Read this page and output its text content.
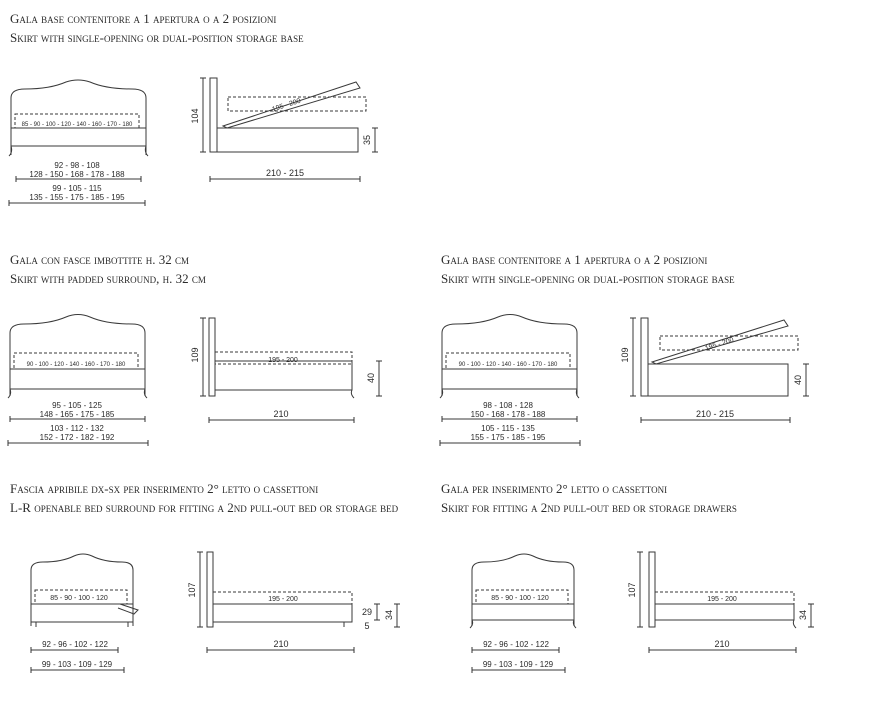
Gala base contenitore a 1 apertura o a 2 posizioni
Skirt with single-opening or dual-position storage base
Gala con fasce imbottite h. 32 cm
Skirt with padded surround, h. 32 cm
Gala base contenitore a 1 apertura o a 2 posizioni
Skirt with single-opening or dual-position storage base
Fascia apribile dx-sx per inserimento 2° letto o cassettoni
L-R openable bed surround for fitting a 2nd pull-out bed or storage bed
Gala per inserimento 2° letto o cassettoni
Skirt for fitting a 2nd pull-out bed or storage drawers
85 - 90 - 100 - 120 - 140 - 160 - 170 - 180
92 - 98 - 108
128 - 150 - 168 - 178 - 188
99 - 105 - 115
135 - 155 - 175 - 185 - 195
195 - 200
104
35
210 - 215
90 - 100 - 120 - 140 - 160 - 170 - 180
95 - 105 - 125
148 - 165 - 175 - 185
103 - 112 - 132
152 - 172 - 182 - 192
195 - 200
109
40
210
90 - 100 - 120 - 140 - 160 - 170 - 180
98 - 108 - 128
150 - 168 - 178 - 188
105 - 115 - 135
155 - 175 - 185 - 195
195 - 200
109
40
210 - 215
85 - 90 - 100 - 120
92 - 96 - 102 - 122
99 - 103 - 109 - 129
195 - 200
107
29
5
34
210
85 - 90 - 100 - 120
92 - 96 - 102 - 122
99 - 103 - 109 - 129
195 - 200
107
34
210
